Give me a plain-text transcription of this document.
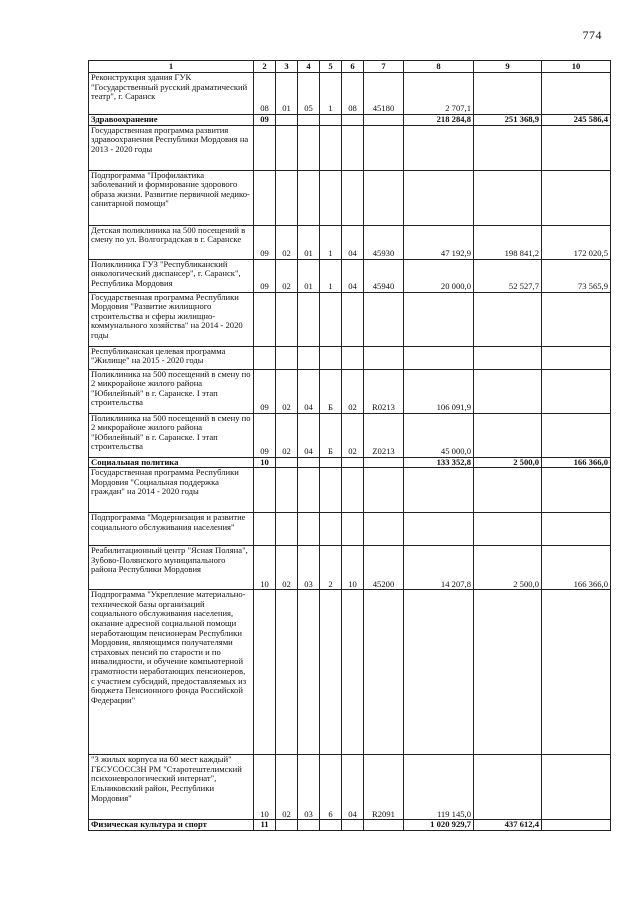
774
1	2	3	4	5	6	7	8	9	10
Реконструкция здания ГУК "Государственный русский драматический театр", г. Саранск	08	01	05	1	08	45180	2 707,1		
Здравоохранение	09						218 284,8	251 368,9	245 586,4
Государственная программа развития здравоохранения Республики Мордовия на 2013 - 2020 годы									
Подпрограмма "Профилактика заболеваний и формирование здорового образа жизни. Развитие первичной медико-санитарной помощи"									
Детская поликлиника на 500 посещений в смену по ул. Волгоградская в г. Саранске	09	02	01	1	04	45930	47 192,9	198 841,2	172 020,5
Поликлиника ГУЗ "Республиканский онкологический диспансер", г. Саранск", Республика Мордовия	09	02	01	1	04	45940	20 000,0	52 527,7	73 565,9
Государственная программа Республики Мордовия "Развитие жилищного строительства и сферы жилищно-коммунального хозяйства" на 2014 - 2020 годы									
Республиканская целевая программа "Жилище" на 2015 - 2020 годы									
Поликлиника на 500 посещений в смену по 2 микрорайоне жилого района "Юбилейный" в г. Саранске. I этап строительства	09	02	04	Б	02	R0213	106 091,9		
Поликлиника на 500 посещений в смену по 2 микрорайоне жилого района "Юбилейный" в г. Саранске. I этап строительства	09	02	04	Б	02	Z0213	45 000,0		
Социальная политика	10						133 352,8	2 500,0	166 366,0
Государственная программа Республики Мордовия "Социальная поддержка граждан" на 2014 - 2020 годы									
Подпрограмма "Модернизация и развитие социального обслуживания населения"									
Реабилитационный центр "Ясная Поляна", Зубово-Полянского муниципального района Республики Мордовия	10	02	03	2	10	45200	14 207,8	2 500,0	166 366,0
Подпрограмма "Укрепление материально-технической базы организаций социального обслуживания населения, оказание адресной социальной помощи неработающим пенсионерам Республики Мордовия, являющимся получателями страховых пенсий по старости и по инвалидности, и обучение компьютерной грамотности неработающих пенсионеров, с участием субсидий, предоставляемых из бюджета Пенсионного фонда Российской Федерации"									
"3 жилых корпуса на 60 мест каждый" ГБСУСОССЗН РМ "Старотештелимский психоневрологический интернат", Ельниковский район, Республики Мордовия"	10	02	03	6	04	R2091	119 145,0		
Физическая культура и спорт	11						1 020 929,7	437 612,4	
